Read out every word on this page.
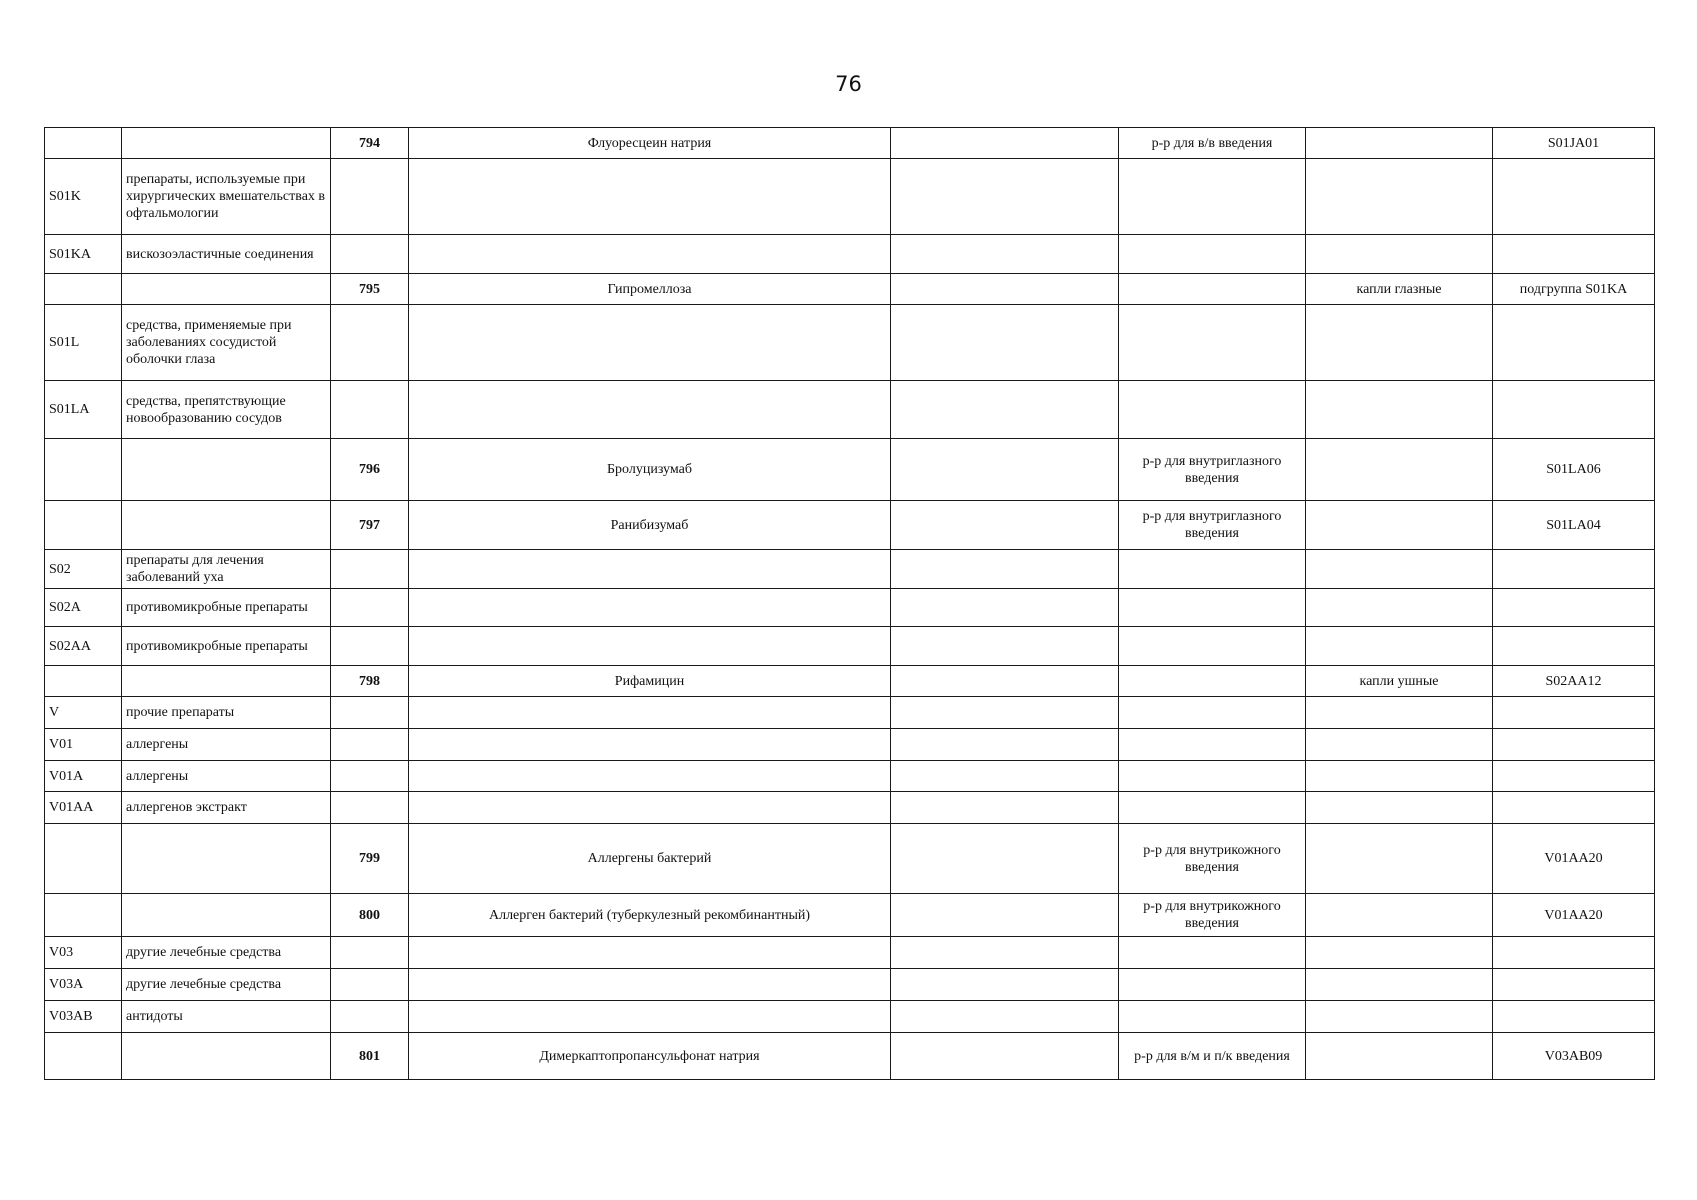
76
		794	Флуоресцеин натрия		р-р для в/в введения		S01JA01
S01K	препараты, используемые при хирургических вмешательствах в офтальмологии						
S01KA	вискозоэластичные соединения						
		795	Гипромеллоза			капли глазные	подгруппа S01KA
S01L	средства, применяемые при заболеваниях сосудистой оболочки глаза						
S01LA	средства, препятствующие новообразованию сосудов						
		796	Бролуцизумаб		р-р для внутриглазного введения		S01LA06
		797	Ранибизумаб		р-р для внутриглазного введения		S01LA04
S02	препараты для лечения заболеваний уха						
S02A	противомикробные препараты						
S02AA	противомикробные препараты						
		798	Рифамицин			капли ушные	S02AA12
V	прочие препараты						
V01	аллергены						
V01A	аллергены						
V01AA	аллергенов экстракт						
		799	Аллергены бактерий		р-р для внутрикожного введения		V01AA20
		800	Аллерген бактерий (туберкулезный рекомбинантный)		р-р для внутрикожного введения		V01AA20
V03	другие лечебные средства						
V03A	другие лечебные средства						
V03AB	антидоты						
		801	Димеркаптопропансульфонат натрия		р-р для в/м и п/к введения		V03AB09
